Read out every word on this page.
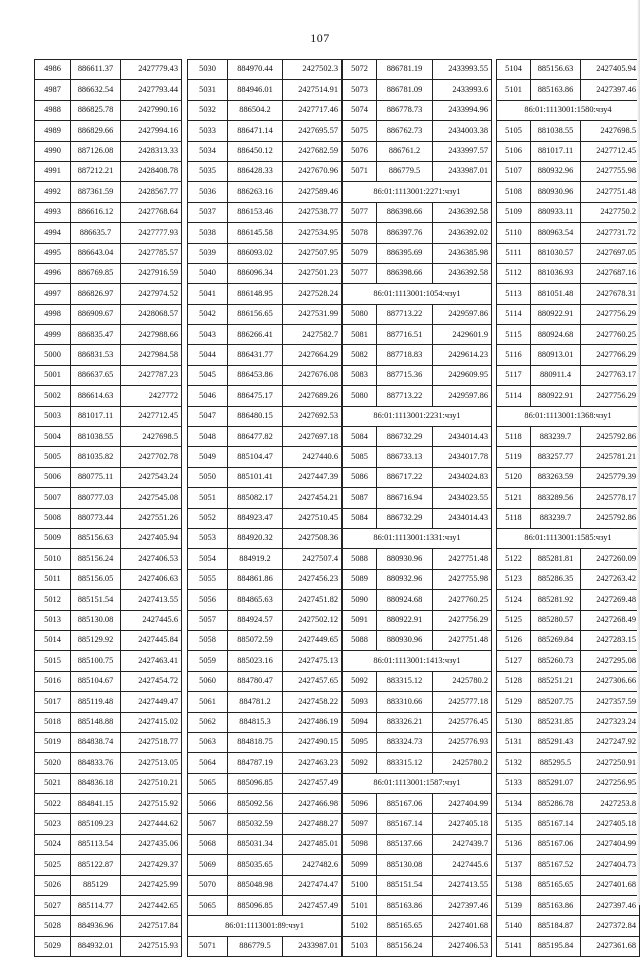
107
4986	886611.37	2427779.43
4987	886632.54	2427793.44
4988	886825.78	2427990.16
4989	886829.66	2427994.16
4990	887126.08	2428313.33
4991	887212.21	2428408.78
4992	887361.59	2428567.77
4993	886616.12	2427768.64
4994	886635.7	2427777.93
4995	886643.04	2427785.57
4996	886769.85	2427916.59
4997	886826.97	2427974.52
4998	886909.67	2428068.57
4999	886835.47	2427988.66
5000	886831.53	2427984.58
5001	886637.65	2427787.23
5002	886614.63	2427772
5003	881017.11	2427712.45
5004	881038.55	2427698.5
5005	881035.82	2427702.78
5006	880775.11	2427543.24
5007	880777.03	2427545.08
5008	880773.44	2427551.26
5009	885156.63	2427405.94
5010	885156.24	2427406.53
5011	885156.05	2427406.63
5012	885151.54	2427413.55
5013	885130.08	2427445.6
5014	885129.92	2427445.84
5015	885100.75	2427463.41
5016	885104.67	2427454.72
5017	885119.48	2427449.47
5018	885148.88	2427415.02
5019	884838.74	2427518.77
5020	884833.76	2427513.05
5021	884836.18	2427510.21
5022	884841.15	2427515.92
5023	885109.23	2427444.62
5024	885113.54	2427435.06
5025	885122.87	2427429.37
5026	885129	2427425.99
5027	885114.77	2427442.65
5028	884936.96	2427517.84
5029	884932.01	2427515.93
5030	884970.44	2427502.3
5031	884946.01	2427514.91
5032	886504.2	2427717.46
5033	886471.14	2427695.57
5034	886450.12	2427682.59
5035	886428.33	2427670.96
5036	886263.16	2427589.46
5037	886153.46	2427538.77
5038	886145.58	2427534.95
5039	886093.02	2427507.95
5040	886096.34	2427501.23
5041	886148.95	2427528.24
5042	886156.65	2427531.99
5043	886266.41	2427582.7
5044	886431.77	2427664.29
5045	886453.86	2427676.08
5046	886475.17	2427689.26
5047	886480.15	2427692.53
5048	886477.82	2427697.18
5049	885104.47	2427440.6
5050	885101.41	2427447.39
5051	885082.17	2427454.21
5052	884923.47	2427510.45
5053	884920.32	2427508.36
5054	884919.2	2427507.4
5055	884861.86	2427456.23
5056	884865.63	2427451.82
5057	884924.57	2427502.12
5058	885072.59	2427449.65
5059	885023.16	2427475.13
5060	884780.47	2427457.65
5061	884781.2	2427458.22
5062	884815.3	2427486.19
5063	884818.75	2427490.15
5064	884787.19	2427463.23
5065	885096.85	2427457.49
5066	885092.56	2427466.98
5067	885032.59	2427488.27
5068	885031.34	2427485.01
5069	885035.65	2427482.6
5070	885048.98	2427474.47
5065	885096.85	2427457.49
86:01:1113001:89:чзу1		
5071	886779.5	2433987.01
5072	886781.19	2433993.55
5073	886781.09	2433993.6
5074	886778.73	2433994.96
5075	886762.73	2434003.38
5076	886761.2	2433997.57
5071	886779.5	2433987.01
86:01:1113001:2271:чзу1		
5077	886398.66	2436392.58
5078	886397.76	2436392.02
5079	886395.69	2436385.98
5077	886398.66	2436392.58
86:01:1113001:1054:чзу1		
5080	887713.22	2429597.86
5081	887716.51	2429601.9
5082	887718.83	2429614.23
5083	887715.36	2429609.95
5080	887713.22	2429597.86
86:01:1113001:2231:чзу1		
5084	886732.29	2434014.43
5085	886733.13	2434017.78
5086	886717.22	2434024.83
5087	886716.94	2434023.55
5084	886732.29	2434014.43
86:01:1113001:1331:чзу1		
5088	880930.96	2427751.48
5089	880932.96	2427755.98
5090	880924.68	2427760.25
5091	880922.91	2427756.29
5088	880930.96	2427751.48
86:01:1113001:1413:чзу1		
5092	883315.12	2425780.2
5093	883310.66	2425777.18
5094	883326.21	2425776.45
5095	883324.73	2425776.93
5092	883315.12	2425780.2
86:01:1113001:1587:чзу1		
5096	885167.06	2427404.99
5097	885167.14	2427405.18
5098	885137.66	2427439.7
5099	885130.08	2427445.6
5100	885151.54	2427413.55
5101	885163.86	2427397.46
5102	885165.65	2427401.68
5103	885156.24	2427406.53
5104	885156.63	2427405.94
5101	885163.86	2427397.46
86:01:1113001:1580:чзу4		
5105	881038.55	2427698.5
5106	881017.11	2427712.45
5107	880932.96	2427755.98
5108	880930.96	2427751.48
5109	880933.11	2427750.2
5110	880963.54	2427731.72
5111	881030.57	2427697.05
5112	881036.93	2427687.16
5113	881051.48	2427678.31
5114	880922.91	2427756.29
5115	880924.68	2427760.25
5116	880913.01	2427766.29
5117	880911.4	2427763.17
5114	880922.91	2427756.29
86:01:1113001:1368:чзу1		
5118	883239.7	2425792.86
5119	883257.77	2425781.21
5120	883263.59	2425779.39
5121	883289.56	2425778.17
5118	883239.7	2425792.86
86:01:1113001:1585:чзу1		
5122	885281.81	2427260.09
5123	885286.35	2427263.42
5124	885281.92	2427269.48
5125	885280.57	2427268.49
5126	885269.84	2427283.15
5127	885260.73	2427295.08
5128	885251.21	2427306.66
5129	885207.75	2427357.59
5130	885231.85	2427323.24
5131	885291.43	2427247.92
5132	885295.5	2427250.91
5133	885291.07	2427256.95
5134	885286.78	2427253.8
5135	885167.14	2427405.18
5136	885167.06	2427404.99
5137	885167.52	2427404.73
5138	885165.65	2427401.68
5139	885163.86	2427397.46
5140	885184.87	2427372.84
5141	885195.84	2427361.68
